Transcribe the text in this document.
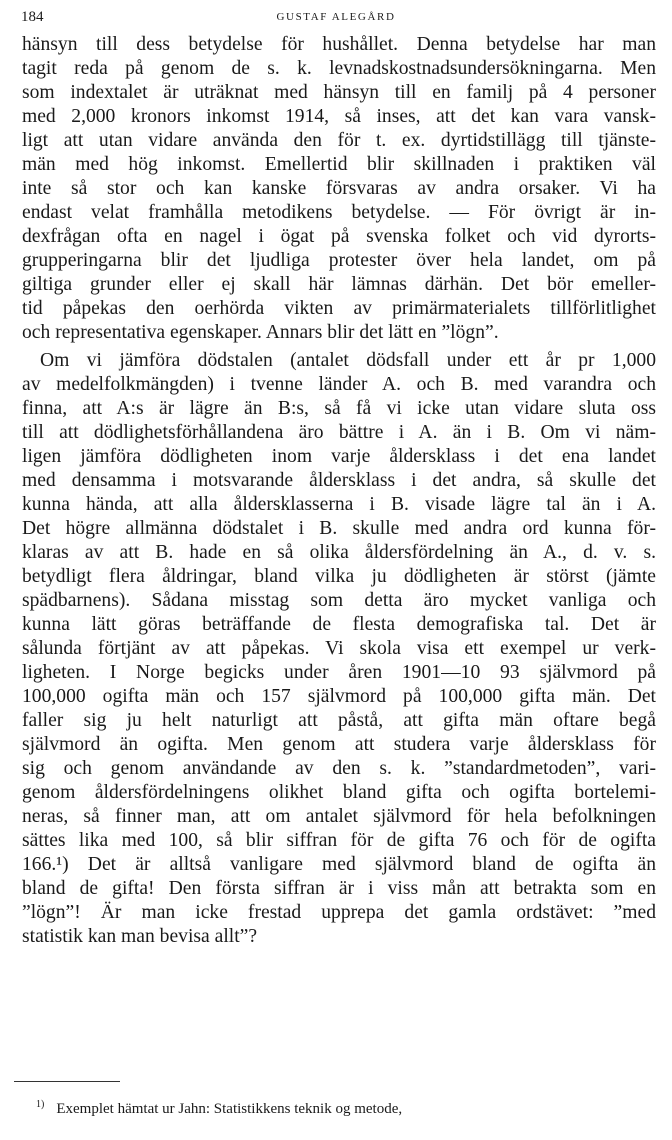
184	GUSTAF ALEGÅRD
hänsyn till dess betydelse för hushållet. Denna betydelse har man
tagit reda på genom de s. k. levnadskostnadsundersökningarna. Men
som indextalet är uträknat med hänsyn till en familj på 4 personer
med 2,000 kronors inkomst 1914, så inses, att det kan vara vansk-
ligt att utan vidare använda den för t. ex. dyrtidstillägg till tjänste-
män med hög inkomst. Emellertid blir skillnaden i praktiken väl
inte så stor och kan kanske försvaras av andra orsaker. Vi ha
endast velat framhålla metodikens betydelse. — För övrigt är in-
dexfrågan ofta en nagel i ögat på svenska folket och vid dyrorts-
grupperingarna blir det ljudliga protester över hela landet, om på
giltiga grunder eller ej skall här lämnas därhän. Det bör emeller-
tid påpekas den oerhörda vikten av primärmaterialets tillförlitlighet
och representativa egenskaper. Annars blir det lätt en ”lögn”.
Om vi jämföra dödstalen (antalet dödsfall under ett år pr 1,000
av medelfolkmängden) i tvenne länder A. och B. med varandra och
finna, att A:s är lägre än B:s, så få vi icke utan vidare sluta oss
till att dödlighetsförhållandena äro bättre i A. än i B. Om vi näm-
ligen jämföra dödligheten inom varje åldersklass i det ena landet
med densamma i motsvarande åldersklass i det andra, så skulle det
kunna hända, att alla åldersklasserna i B. visade lägre tal än i A.
Det högre allmänna dödstalet i B. skulle med andra ord kunna för-
klaras av att B. hade en så olika åldersfördelning än A., d. v. s.
betydligt flera åldringar, bland vilka ju dödligheten är störst (jämte
spädbarnens). Sådana misstag som detta äro mycket vanliga och
kunna lätt göras beträffande de flesta demografiska tal. Det är
sålunda förtjänt av att påpekas. Vi skola visa ett exempel ur verk-
ligheten. I Norge begicks under åren 1901—10 93 självmord på
100,000 ogifta män och 157 självmord på 100,000 gifta män. Det
faller sig ju helt naturligt att påstå, att gifta män oftare begå
självmord än ogifta. Men genom att studera varje åldersklass för
sig och genom användande av den s. k. ”standardmetoden”, vari-
genom åldersfördelningens olikhet bland gifta och ogifta bortelemi-
neras, så finner man, att om antalet självmord för hela befolkningen
sättes lika med 100, så blir siffran för de gifta 76 och för de ogifta
166.¹) Det är alltså vanligare med självmord bland de ogifta än
bland de gifta! Den första siffran är i viss mån att betrakta som en
”lögn”! Är man icke frestad upprepa det gamla ordstävet: ”med
statistik kan man bevisa allt”?
$^{1)}$ Exemplet hämtat ur Jahn: Statistikkens teknik og metode,
